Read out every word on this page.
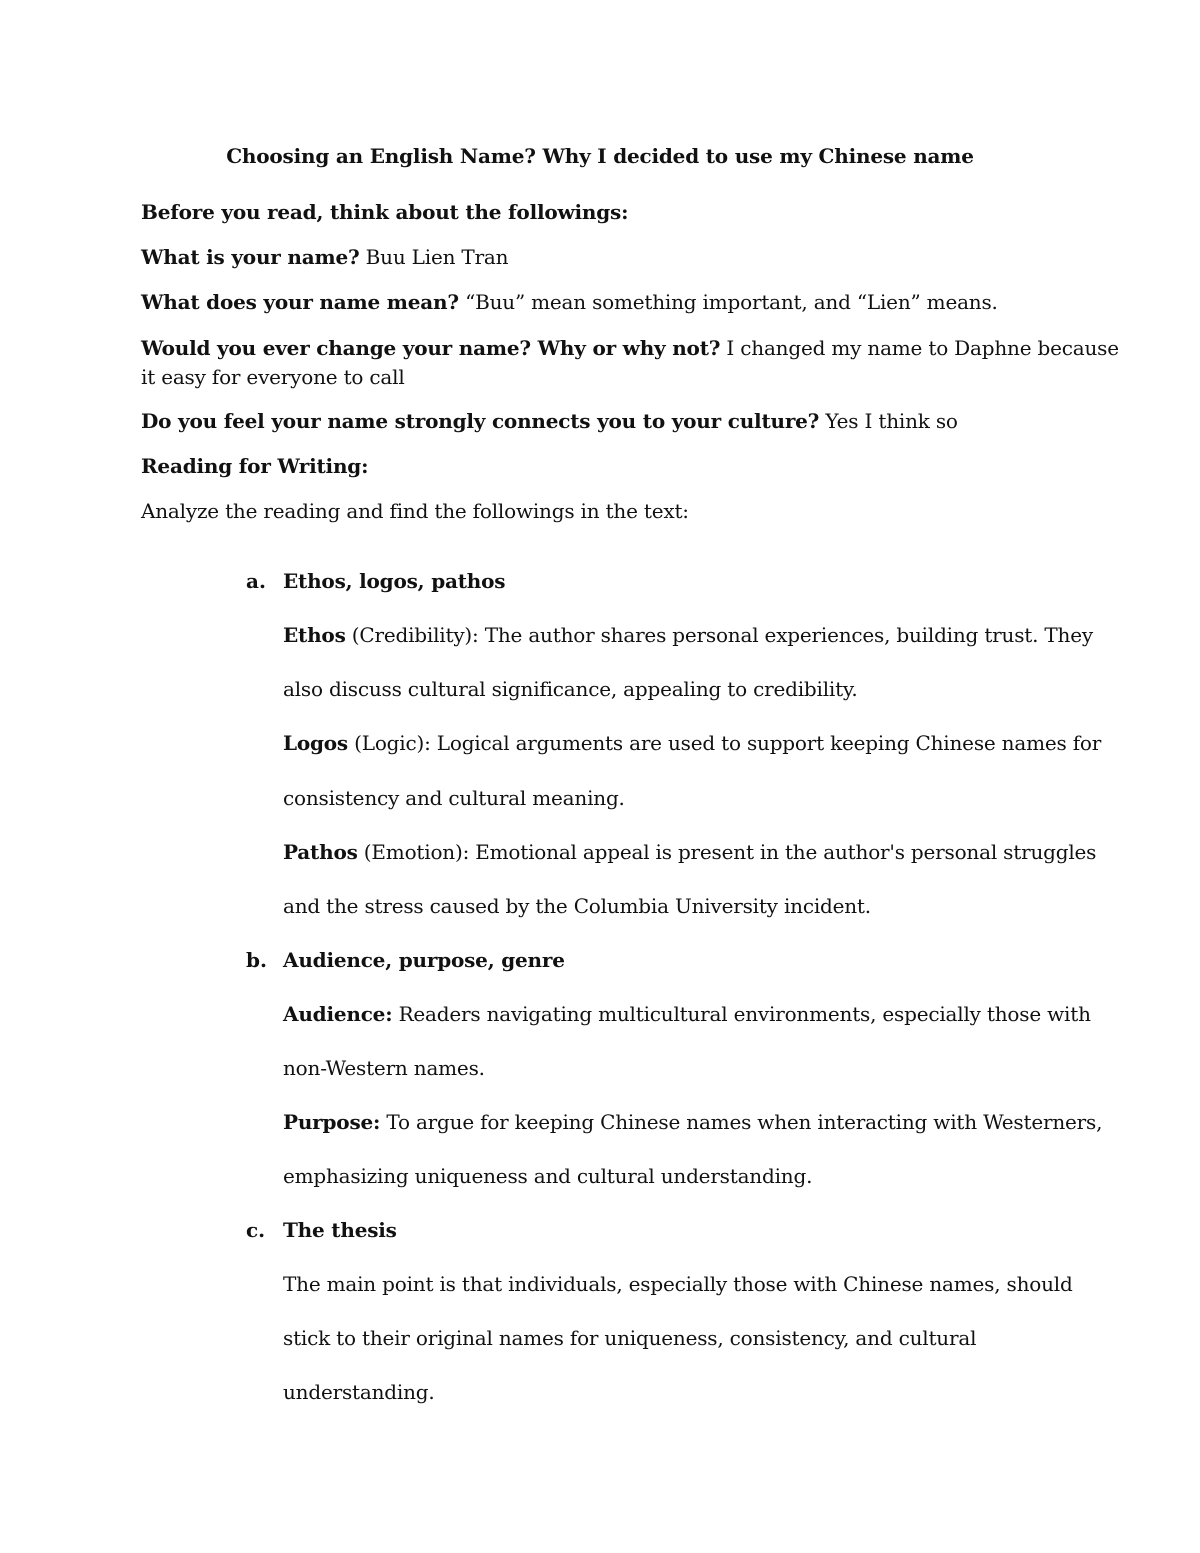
Choosing an English Name? Why I decided to use my Chinese name
Before you read, think about the followings:
What is your name? Buu Lien Tran
What does your name mean? “Buu” mean something important, and “Lien” means.
Would you ever change your name? Why or why not? I changed my name to Daphne because
it easy for everyone to call
Do you feel your name strongly connects you to your culture? Yes I think so
Reading for Writing:
Analyze the reading and find the followings in the text:
a. Ethos, logos, pathos
Ethos (Credibility): The author shares personal experiences, building trust. They
also discuss cultural significance, appealing to credibility.
Logos (Logic): Logical arguments are used to support keeping Chinese names for
consistency and cultural meaning.
Pathos (Emotion): Emotional appeal is present in the author's personal struggles
and the stress caused by the Columbia University incident.
b. Audience, purpose, genre
Audience: Readers navigating multicultural environments, especially those with
non-Western names.
Purpose: To argue for keeping Chinese names when interacting with Westerners,
emphasizing uniqueness and cultural understanding.
c. The thesis
The main point is that individuals, especially those with Chinese names, should
stick to their original names for uniqueness, consistency, and cultural
understanding.
